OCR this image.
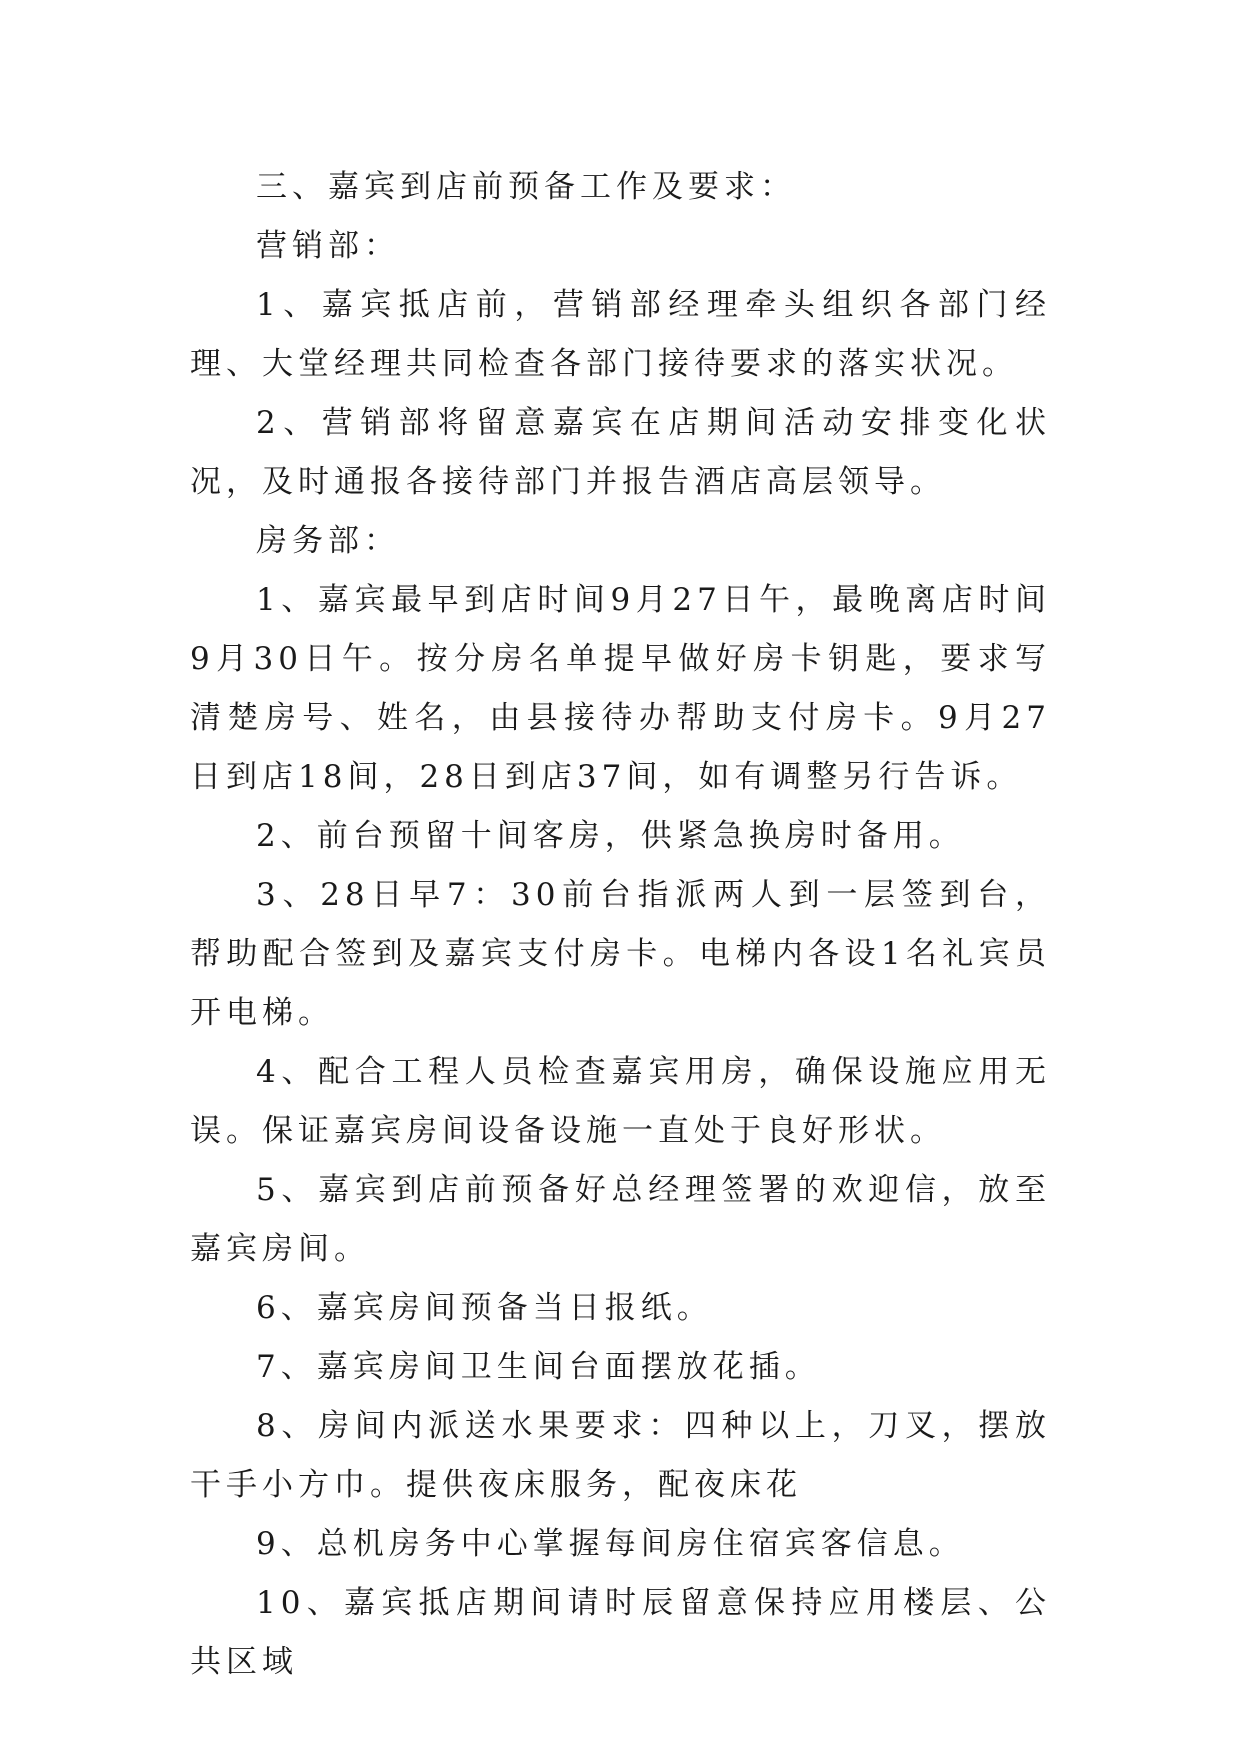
三、嘉宾到店前预备工作及要求：

营销部：

1、嘉宾抵店前，营销部经理牵头组织各部门经理、大堂经理共同检查各部门接待要求的落实状况。

2、营销部将留意嘉宾在店期间活动安排变化状况，及时通报各接待部门并报告酒店高层领导。

房务部：

1、嘉宾最早到店时间9月27日午，最晚离店时间9月30日午。按分房名单提早做好房卡钥匙，要求写清楚房号、姓名，由县接待办帮助支付房卡。9月27日到店18间，28日到店37间，如有调整另行告诉。

2、前台预留十间客房，供紧急换房时备用。

3、28日早7：30前台指派两人到一层签到台，帮助配合签到及嘉宾支付房卡。电梯内各设1名礼宾员开电梯。

4、配合工程人员检查嘉宾用房，确保设施应用无误。保证嘉宾房间设备设施一直处于良好形状。

5、嘉宾到店前预备好总经理签署的欢迎信，放至嘉宾房间。

6、嘉宾房间预备当日报纸。

7、嘉宾房间卫生间台面摆放花插。

8、房间内派送水果要求：四种以上，刀叉，摆放干手小方巾。提供夜床服务，配夜床花

9、总机房务中心掌握每间房住宿宾客信息。

10、嘉宾抵店期间请时辰留意保持应用楼层、公共区域
